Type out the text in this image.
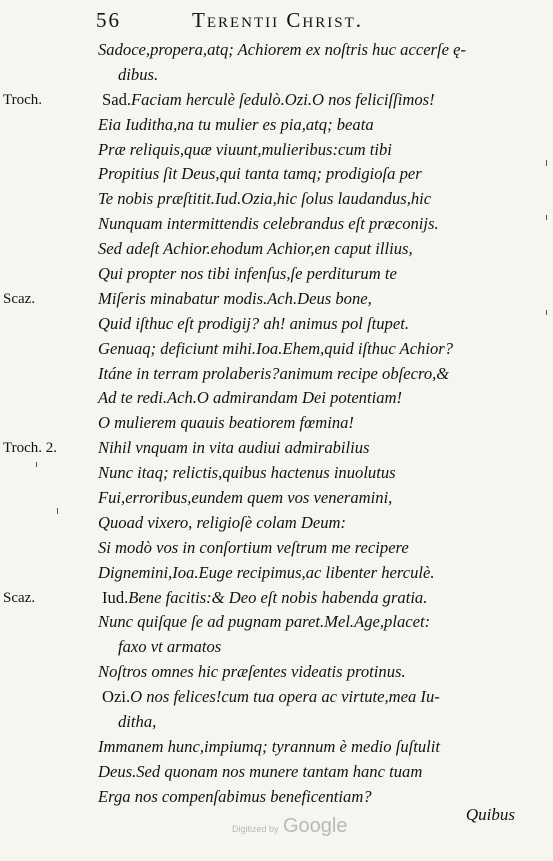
56	Terentii Christ.
Sadoce,propera,atq; Achiorem ex noſtris huc accerſe ę-
dibus.
Troch.	Sad.Faciam herculè ſedulò.Ozi.O nos feliciſſimos!
Eia Iuditha,na tu mulier es pia,atq; beata
Præ reliquis,quæ viuunt,mulieribus:cum tibi
Propitius ſit Deus,qui tanta tamq; prodigioſa per
Te nobis præſtitit.Iud.Ozia,hic ſolus laudandus,hic
Nunquam intermittendis celebrandus eſt præconijs.
Sed adeſt Achior.ehodum Achior,en caput illius,
Qui propter nos tibi infenſus,ſe perditurum te
Scaz.	Miſeris minabatur modis.Ach.Deus bone,
Quid iſthuc eſt prodigij? ah! animus pol ſtupet.
Genuaq; deficiunt mihi.Ioa.Ehem,quid iſthuc Achior?
Itáne in terram prolaberis?animum recipe obſecro,&
Ad te redi.Ach.O admirandam Dei potentiam!
O mulierem quauis beatiorem fœmina!
Troch. 2. Nihil vnquam in vita audiui admirabilius
Nunc itaq; relictis,quibus hactenus inuolutus
Fui,erroribus,eundem quem vos veneramini,
Quoad vixero, religioſè colam Deum:
Si modò vos in conſortium veſtrum me recipere
Dignemini,Ioa.Euge recipimus,ac libenter herculè.
Scaz.	Iud.Bene facitis:& Deo eſt nobis habenda gratia.
Nunc quiſque ſe ad pugnam paret.Mel.Age,placet:
faxo vt armatos
Noſtros omnes hic præſentes videatis protinus.
Ozi.O nos felices!cum tua opera ac virtute,mea Iu-
ditha,
Immanem hunc,impiumq; tyrannum è medio ſuſtulit
Deus.Sed quonam nos munere tantam hanc tuam
Erga nos compenſabimus beneficentiam?
Quibus
Digitized by Google
